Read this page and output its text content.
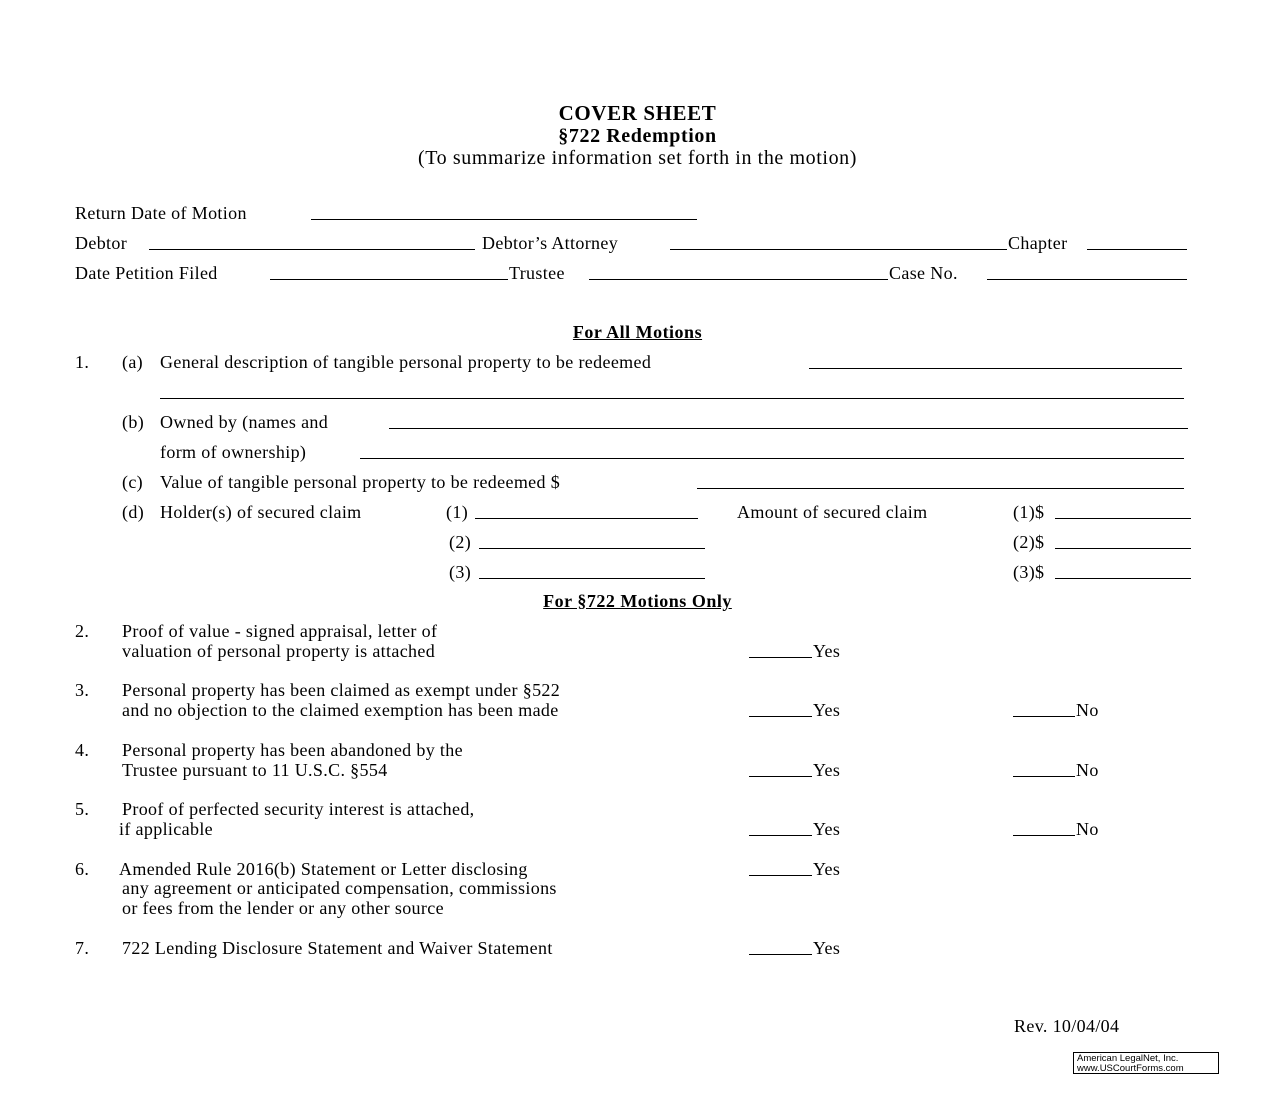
COVER SHEET
§722 Redemption
(To summarize information set forth in the motion)
Return Date of Motion
Debtor	Debtor’s Attorney	Chapter
Date Petition Filed	Trustee	Case No.
For All Motions
1. (a) General description of tangible personal property to be redeemed
(b) Owned by (names and
form of ownership)
(c) Value of tangible personal property to be redeemed $
(d) Holder(s) of secured claim	Amount of secured claim
(1)	(1)$
(2)	(2)$
(3)	(3)$
For §722 Motions Only
2. Proof of value - signed appraisal, letter of
valuation of personal property is attached	Yes
3. Personal property has been claimed as exempt under §522
and no objection to the claimed exemption has been made	Yes	No
4. Personal property has been abandoned by the
Trustee pursuant to 11 U.S.C. §554	Yes	No
5. Proof of perfected security interest is attached,
if applicable	Yes	No
6. Amended Rule 2016(b) Statement or Letter disclosing
any agreement or anticipated compensation, commissions
or fees from the lender or any other source
Yes
7. 722 Lending Disclosure Statement and Waiver Statement	Yes
Rev. 10/04/04
American LegalNet, Inc.
www.USCourtForms.com
